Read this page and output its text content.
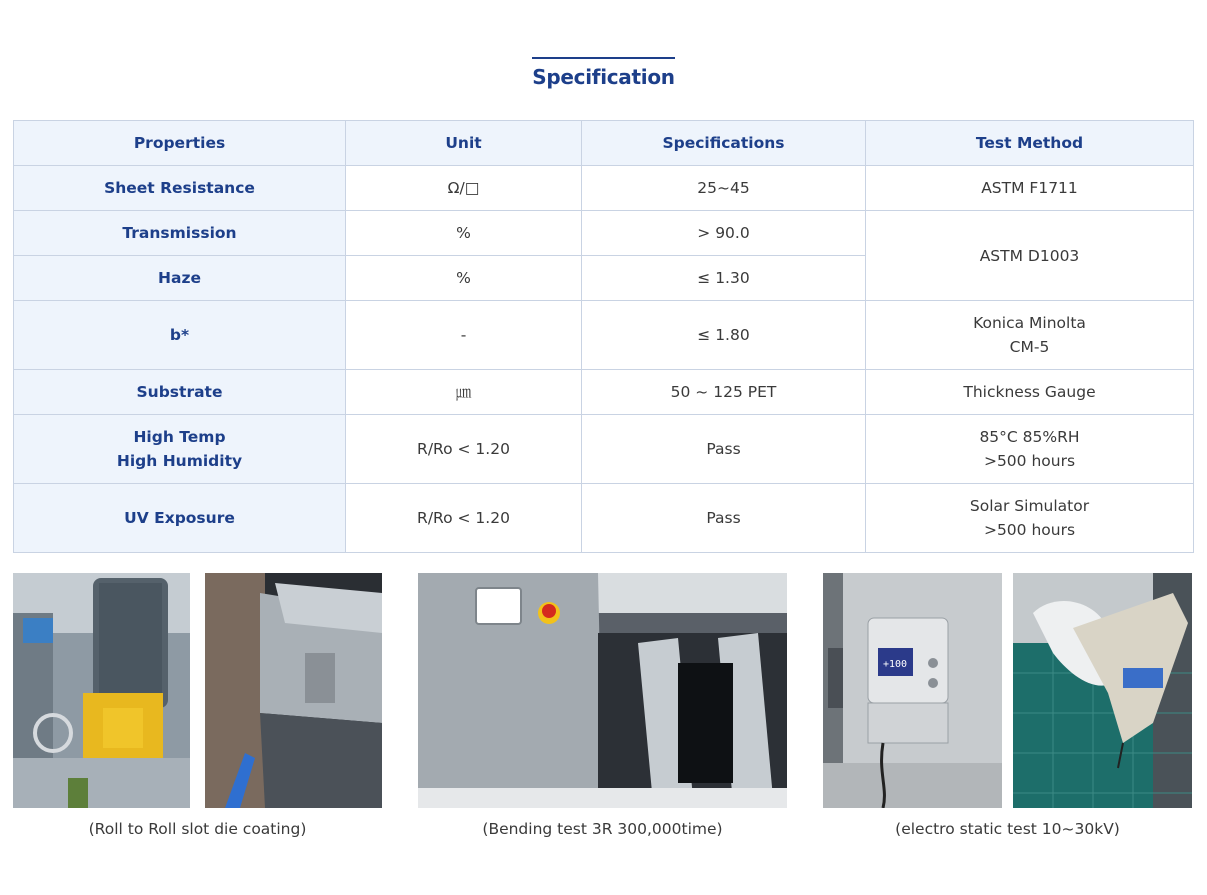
Specification
Properties	Unit	Specifications	Test Method
Sheet Resistance	Ω/□	25~45	ASTM F1711
Transmission	%	> 90.0	ASTM D1003
Haze	%	≤ 1.30	
b*	-	≤ 1.80	Konica Minolta
CM-5

Substrate	㎛	50 ~ 125 PET	Thickness Gauge

High Temp
High Humidity	R/Ro < 1.20	Pass	85°C 85%RH
>500 hours

UV Exposure	R/Ro < 1.20	Pass	Solar Simulator
>500 hours
+100
(Roll to Roll slot die coating)	(Bending test 3R 300,000time)	(electro static test 10~30kV)
